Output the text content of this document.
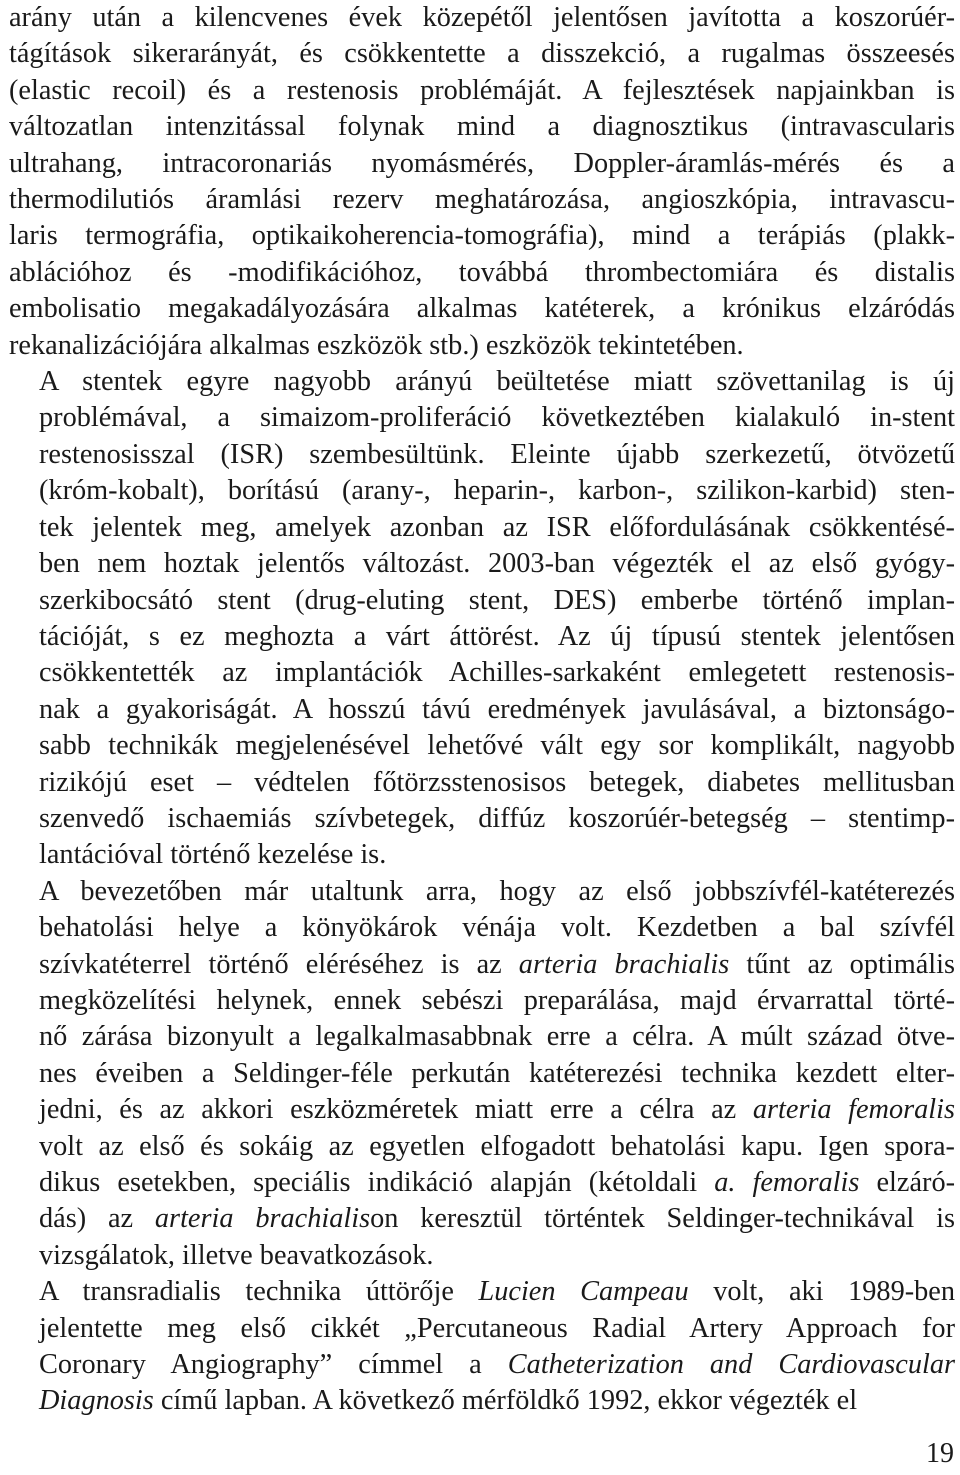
arány után a kilencvenes évek közepétől jelentősen javította a koszorúér-
tágítások sikerarányát, és csökkentette a disszekció, a rugalmas összeesés
(elastic recoil) és a restenosis problémáját. A fejlesztések napjainkban is
változatlan intenzitással folynak mind a diagnosztikus (intravascularis
ultrahang, intracoronariás nyomásmérés, Doppler-áramlás-mérés és a
thermodilutiós áramlási rezerv meghatározása, angioszkópia, intravascu-
laris termográfia, optikaikoherencia-tomográfia), mind a terápiás (plakk-
ablációhoz és -modifikációhoz, továbbá thrombectomiára és distalis
embolisatio megakadályozására alkalmas katéterek, a krónikus elzáródás
rekanalizációjára alkalmas eszközök stb.) eszközök tekintetében.
A stentek egyre nagyobb arányú beültetése miatt szövettanilag is új
problémával, a simaizom-proliferáció következtében kialakuló in-stent
restenosisszal (ISR) szembesültünk. Eleinte újabb szerkezetű, ötvözetű
(króm-kobalt), borítású (arany-, heparin-, karbon-, szilikon-karbid) sten-
tek jelentek meg, amelyek azonban az ISR előfordulásának csökkentésé-
ben nem hoztak jelentős változást. 2003-ban végezték el az első gyógy-
szerkibocsátó stent (drug-eluting stent, DES) emberbe történő implan-
tációját, s ez meghozta a várt áttörést. Az új típusú stentek jelentősen
csökkentették az implantációk Achilles-sarkaként emlegetett restenosis-
nak a gyakoriságát. A hosszú távú eredmények javulásával, a biztonságo-
sabb technikák megjelenésével lehetővé vált egy sor komplikált, nagyobb
rizikójú eset – védtelen főtörzsstenosisos betegek, diabetes mellitusban
szenvedő ischaemiás szívbetegek, diffúz koszorúér-betegség – stentimp-
lantációval történő kezelése is.
A bevezetőben már utaltunk arra, hogy az első jobbszívfél-katéterezés
behatolási helye a könyökárok vénája volt. Kezdetben a bal szívfél
szívkatéterrel történő eléréséhez is az arteria brachialis tűnt az optimális
megközelítési helynek, ennek sebészi preparálása, majd érvarrattal törté-
nő zárása bizonyult a legalkalmasabbnak erre a célra. A múlt század ötve-
nes éveiben a Seldinger-féle perkután katéterezési technika kezdett elter-
jedni, és az akkori eszközméretek miatt erre a célra az arteria femoralis
volt az első és sokáig az egyetlen elfogadott behatolási kapu. Igen spora-
dikus esetekben, speciális indikáció alapján (kétoldali a. femoralis elzáró-
dás) az arteria brachialison keresztül történtek Seldinger-technikával is
vizsgálatok, illetve beavatkozások.
A transradialis technika úttörője Lucien Campeau volt, aki 1989-ben
jelentette meg első cikkét „Percutaneous Radial Artery Approach for
Coronary Angiography” címmel a Catheterization and Cardiovascular
Diagnosis című lapban. A következő mérföldkő 1992, ekkor végezték el
19
